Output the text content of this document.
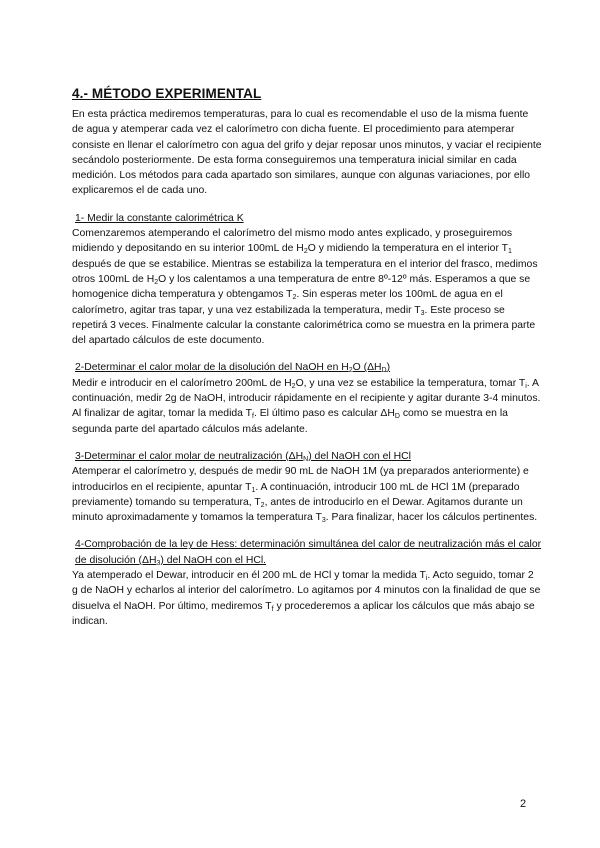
4.- MÉTODO EXPERIMENTAL

En esta práctica mediremos temperaturas, para lo cual es recomendable el uso de la misma fuente de agua y atemperar cada vez el calorímetro con dicha fuente. El procedimiento para atemperar consiste en llenar el calorímetro con agua del grifo y dejar reposar unos minutos, y vaciar el recipiente secándolo posteriormente. De esta forma conseguiremos una temperatura inicial similar en cada medición. Los métodos para cada apartado son similares, aunque con algunas variaciones, por ello explicaremos el de cada uno.

1- Medir la constante calorimétrica K

Comenzaremos atemperando el calorímetro del mismo modo antes explicado, y proseguiremos midiendo y depositando en su interior 100mL de $H_2O$ y midiendo la temperatura en el interior $T_1$ después de que se estabilice. Mientras se estabiliza la temperatura en el interior del frasco, medimos otros 100mL de $H_2O$ y los calentamos a una temperatura de entre 8º-12º más. Esperamos a que se homogenice dicha temperatura y obtengamos $T_2$. Sin esperas meter los 100mL de agua en el calorímetro, agitar tras tapar, y una vez estabilizada la temperatura, medir $T_3$. Este proceso se repetirá 3 veces. Finalmente calcular la constante calorimétrica como se muestra en la primera parte del apartado cálculos de este documento.

2-Determinar el calor molar de la disolución del NaOH en $H_2O$ $(\Delta H_D)$

Medir e introducir en el calorímetro 200mL de $H_2O$, y una vez se estabilice la temperatura, tomar $T_i$. A continuación, medir 2g de NaOH, introducir rápidamente en el recipiente y agitar durante 3-4 minutos. Al finalizar de agitar, tomar la medida $T_f$. El último paso es calcular $\Delta H_D$ como se muestra en la segunda parte del apartado cálculos más adelante.

3-Determinar el calor molar de neutralización $(\Delta H_N)$ del NaOH con el HCl

Atemperar el calorímetro y, después de medir 90 mL de NaOH 1M (ya preparados anteriormente) e introducirlos en el recipiente, apuntar $T_1$. A continuación, introducir 100 mL de HCl 1M (preparado previamente) tomando su temperatura, $T_2$, antes de introducirlo en el Dewar. Agitamos durante un minuto aproximadamente y tomamos la temperatura $T_3$. Para finalizar, hacer los cálculos pertinentes.

4-Comprobación de la ley de Hess: determinación simultánea del calor de neutralización más el calor de disolución $(\Delta H_3)$ del NaOH con el HCl.

Ya atemperado el Dewar, introducir en él 200 mL de HCl y tomar la medida $T_i$. Acto seguido, tomar 2 g de NaOH y echarlos al interior del calorímetro. Lo agitamos por 4 minutos con la finalidad de que se disuelva el NaOH. Por último, mediremos $T_f$ y procederemos a aplicar los cálculos que más abajo se indican.

2
